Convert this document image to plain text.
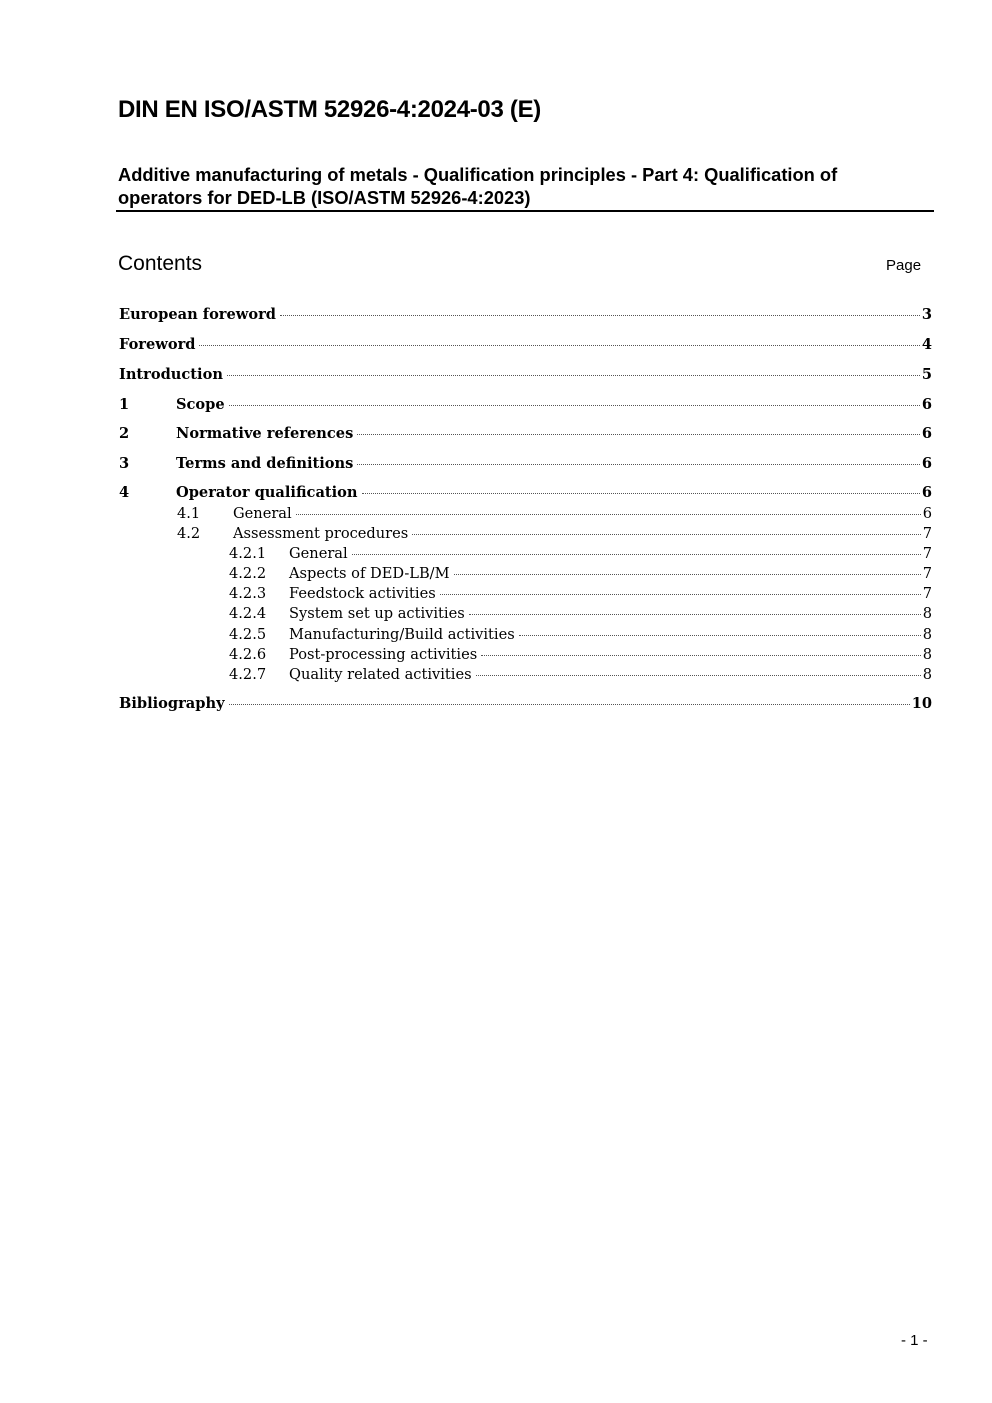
DIN EN ISO/ASTM 52926-4:2024-03 (E)
Additive manufacturing of metals - Qualification principles - Part 4: Qualification of operators for DED-LB (ISO/ASTM 52926-4:2023)
Contents	Page
European foreword	3
Foreword	4
Introduction	5
1	Scope	6
2	Normative references	6
3	Terms and definitions	6
4	Operator qualification	6
4.1	General	6
4.2	Assessment procedures	7
4.2.1	General	7
4.2.2	Aspects of DED-LB/M	7
4.2.3	Feedstock activities	7
4.2.4	System set up activities	8
4.2.5	Manufacturing/Build activities	8
4.2.6	Post-processing activities	8
4.2.7	Quality related activities	8
Bibliography	10
- 1 -
